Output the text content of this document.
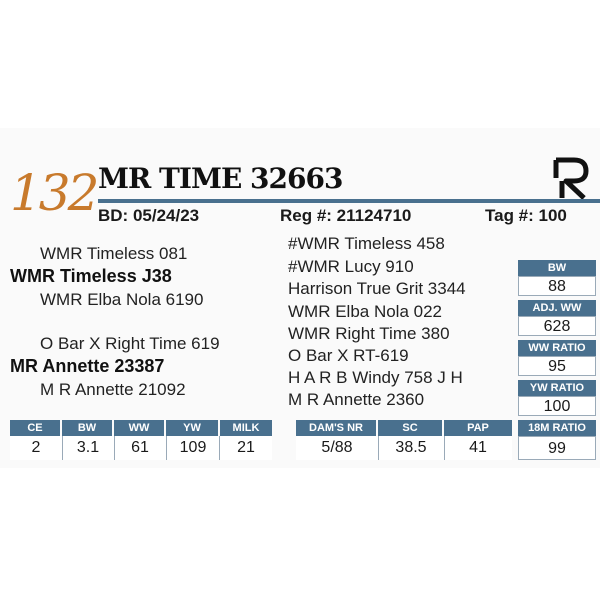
132 MR TIME 32663
BD: 05/24/23	Reg #: 21124710	Tag #: 100
WMR Timeless 081
WMR Timeless J38
WMR Elba Nola 6190
O Bar X Right Time 619
MR Annette 23387
M R Annette 21092
#WMR Timeless 458
#WMR Lucy 910
Harrison True Grit 3344
WMR Elba Nola 022
WMR Right Time 380
O Bar X RT-619
H A R B Windy 758 J H
M R Annette 2360
BW
88
ADJ. WW
628
WW RATIO
95
YW RATIO
100
CE	BW	WW	YW	MILK
2	3.1	61	109	21
DAM'S NR	SC	PAP
5/88	38.5	41
18M RATIO
99
